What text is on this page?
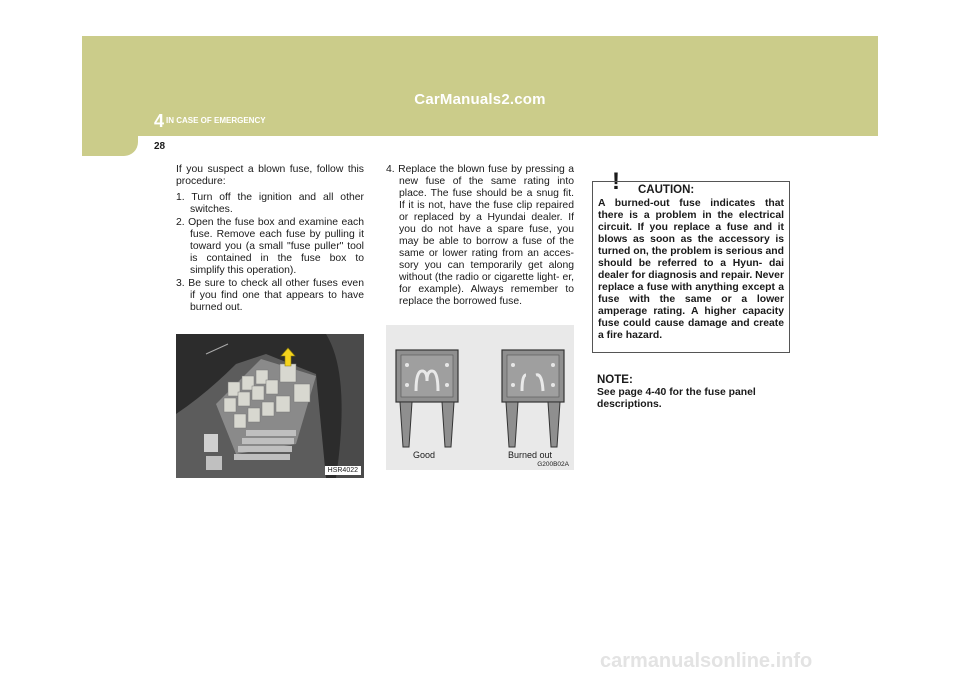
CarManuals2.com
4 IN CASE OF EMERGENCY
28

If you suspect a blown fuse, follow this procedure:

1. Turn off the ignition and all other switches.
2. Open the fuse box and examine each fuse. Remove each fuse by pulling it toward you (a small "fuse puller" tool is contained in the fuse box to simplify this operation).
3. Be sure to check all other fuses even if you find one that appears to have burned out.
HSR4022
4. Replace the blown fuse by pressing a new fuse of the same rating into place. The fuse should be a snug fit. If it is not, have the fuse clip repaired or replaced by a Hyundai dealer. If you do not have a spare fuse, you may be able to borrow a fuse of the same or lower rating from an acces- sory you can temporarily get along without (the radio or cigarette light- er, for example). Always remember to replace the borrowed fuse.
Good	Burned out
G200B02A
! CAUTION:
A burned-out fuse indicates that there is a problem in the electrical circuit. If you replace a fuse and it blows as soon as the accessory is turned on, the problem is serious and should be referred to a Hyun- dai dealer for diagnosis and repair. Never replace a fuse with anything except a fuse with the same or a lower amperage rating. A higher capacity fuse could cause damage and create a fire hazard.
NOTE:
See page 4-40 for the fuse panel descriptions.
carmanualsonline.info
